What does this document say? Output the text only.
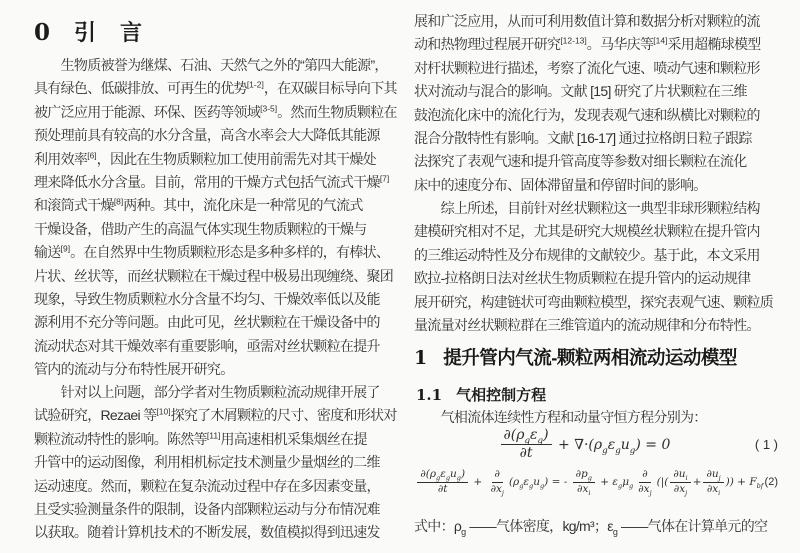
0 引　言
　　生物质被誉为继煤、石油、天然气之外的“第四大能源”，
具有绿色、低碳排放、可再生的优势[1-2]，在双碳目标导向下其
被广泛应用于能源、环保、医药等领域[3-5]。然而生物质颗粒在
预处理前具有较高的水分含量，高含水率会大大降低其能源
利用效率[6]，因此在生物质颗粒加工使用前需先对其干燥处
理来降低水分含量。目前，常用的干燥方式包括气流式干燥[7]
和滚筒式干燥[8]两种。其中，流化床是一种常见的气流式
干燥设备，借助产生的高温气体实现生物质颗粒的干燥与
输送[9]。在自然界中生物质颗粒形态是多种多样的，有棒状、
片状、丝状等，而丝状颗粒在干燥过程中极易出现缠绕、聚团
现象，导致生物质颗粒水分含量不均匀、干燥效率低以及能
源利用不充分等问题。由此可见，丝状颗粒在干燥设备中的
流动状态对其干燥效率有重要影响，亟需对丝状颗粒在提升
管内的流动与分布特性展开研究。
　　针对以上问题，部分学者对生物质颗粒流动规律开展了
试验研究，Rezaei 等[10]探究了木屑颗粒的尺寸、密度和形状对
颗粒流动特性的影响。陈然等[11]用高速相机采集烟丝在提
升管中的运动图像，利用相机标定技术测量少量烟丝的二维
运动速度。然而，颗粒在复杂流动过程中存在多因素变量，
且受实验测量条件的限制，设备内部颗粒运动与分布情况难
以获取。随着计算机技术的不断发展，数值模拟得到迅速发
展和广泛应用，从而可利用数值计算和数据分析对颗粒的流
动和热物理过程展开研究[12-13]。马华庆等[14]采用超椭球模型
对杆状颗粒进行描述，考察了流化气速、喷动气速和颗粒形
状对流动与混合的影响。文献 [15] 研究了片状颗粒在三维
鼓泡流化床中的流化行为，发现表观气速和纵横比对颗粒的
混合分散特性有影响。文献 [16-17] 通过拉格朗日粒子跟踪
法探究了表观气速和提升管高度等参数对细长颗粒在流化
床中的速度分布、固体滞留量和停留时间的影响。
　　综上所述，目前针对丝状颗粒这一典型非球形颗粒结构
建模研究相对不足，尤其是研究大规模丝状颗粒在提升管内
的三维运动特性及分布规律的文献较少。基于此，本文采用
欧拉-拉格朗日法对丝状生物质颗粒在提升管内的运动规律
展开研究，构建链状可弯曲颗粒模型，探究表观气速、颗粒质
量流量对丝状颗粒群在三维管道内的流动规律和分布特性。
1 提升管内气流-颗粒两相流动运动模型
1.1 气相控制方程
　　气相流体连续性方程和动量守恒方程分别为：
$\frac{\partial(\rho_g\varepsilon_g)}{\partial t} + \nabla\cdot(\rho_g\varepsilon_gu_g) = 0$	( 1 )
$\frac{\partial(\rho_g\varepsilon_gu_g)}{\partial t} + \frac{\partial}{\partial x_j} (\rho_g\varepsilon_gu_g)$ = - $\frac{\partial p_g}{\partial x_i} + \varepsilon_g\mu_g \frac{\partial}{\partial x_j}$ (|( $\frac{\partial u_i}{\partial x_j} + \frac{\partial u_j}{\partial x_i}$ )) + $F_{bf}$ (2)
式中：$\rho_g$ ——气体密度，kg/m³；$\varepsilon_g$ ——气体在计算单元的空
